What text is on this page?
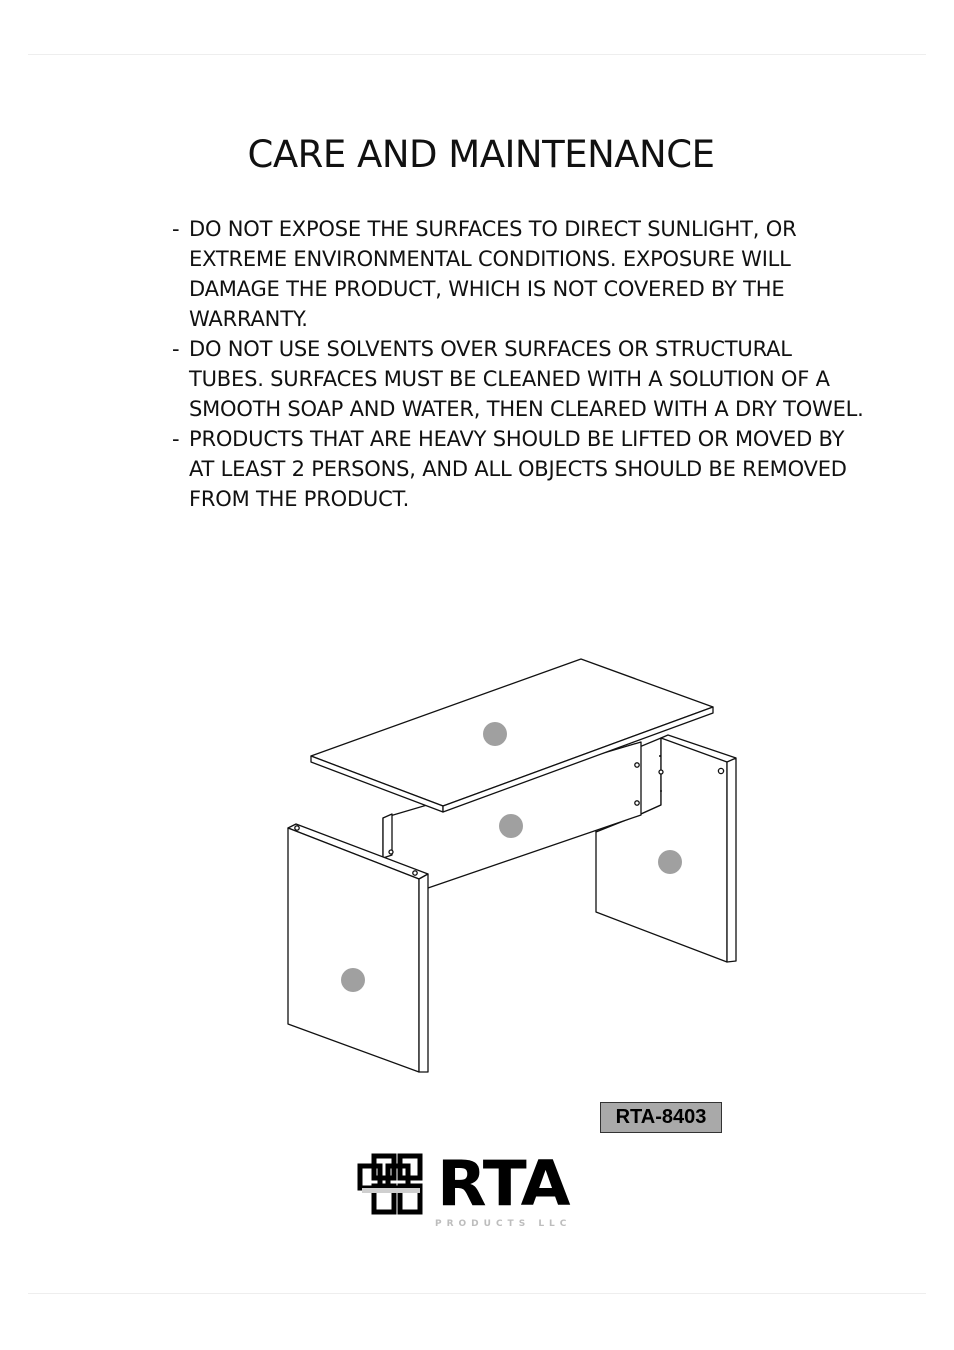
CARE AND MAINTENANCE
- DO NOT EXPOSE THE SURFACES TO DIRECT SUNLIGHT, OR EXTREME ENVIRONMENTAL CONDITIONS. EXPOSURE WILL DAMAGE THE PRODUCT, WHICH IS NOT COVERED BY THE WARRANTY.
- DO NOT USE SOLVENTS OVER SURFACES OR STRUCTURAL TUBES. SURFACES MUST BE CLEANED WITH A SOLUTION OF A SMOOTH SOAP AND WATER, THEN CLEARED WITH A DRY TOWEL.
- PRODUCTS THAT ARE HEAVY SHOULD BE LIFTED OR MOVED BY AT LEAST 2 PERSONS, AND ALL OBJECTS SHOULD BE REMOVED FROM THE PRODUCT.
RTA-8403
RTA
PRODUCTS LLC
